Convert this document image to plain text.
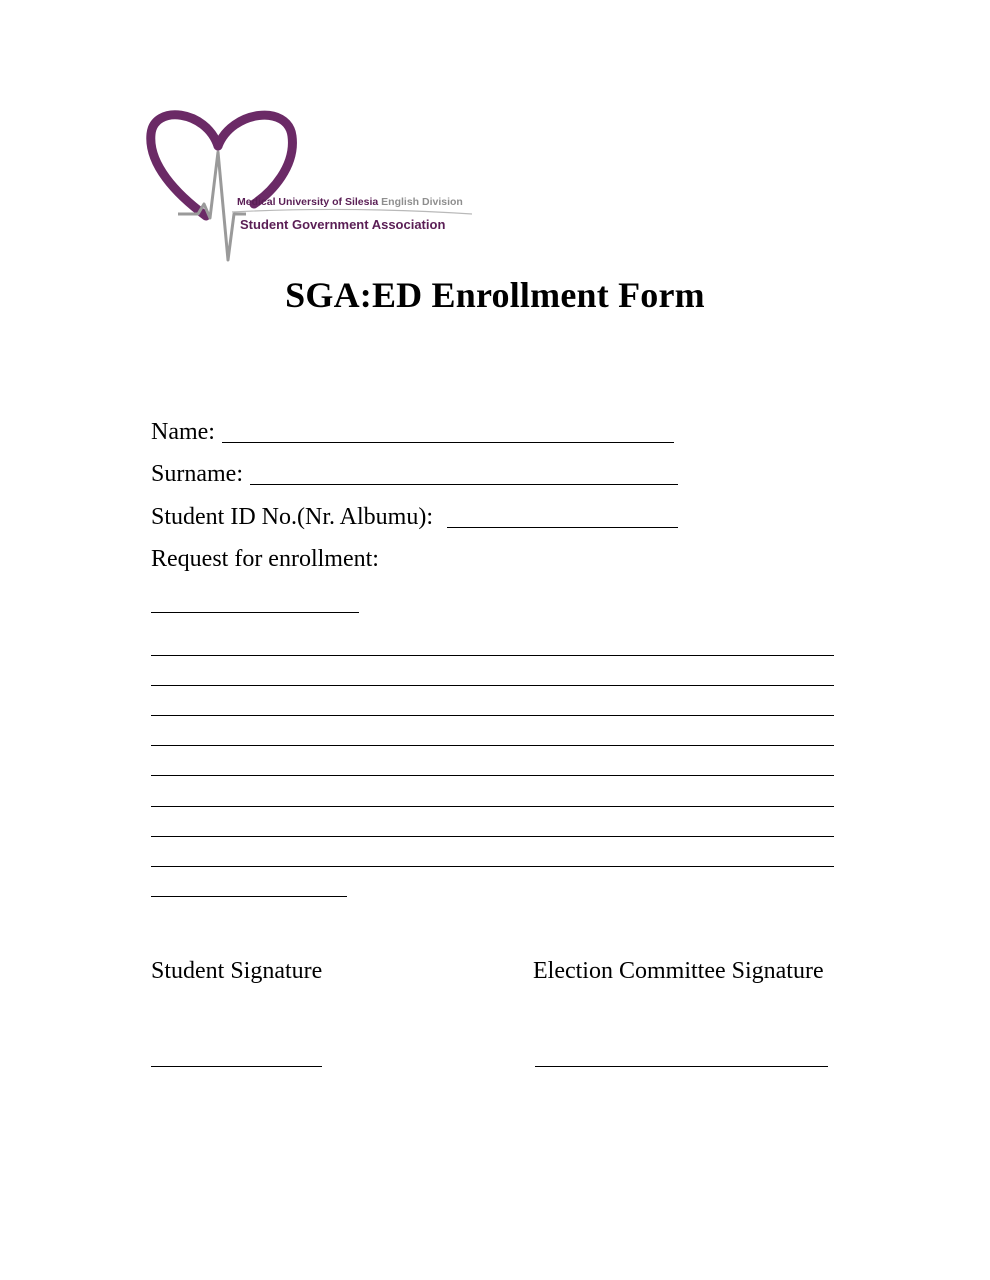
Medical University of Silesia English Division
Student Government Association
SGA:ED Enrollment Form
Name:
Surname:
Student ID No.(Nr. Albumu):
Request for enrollment:
Student Signature	Election Committee Signature
